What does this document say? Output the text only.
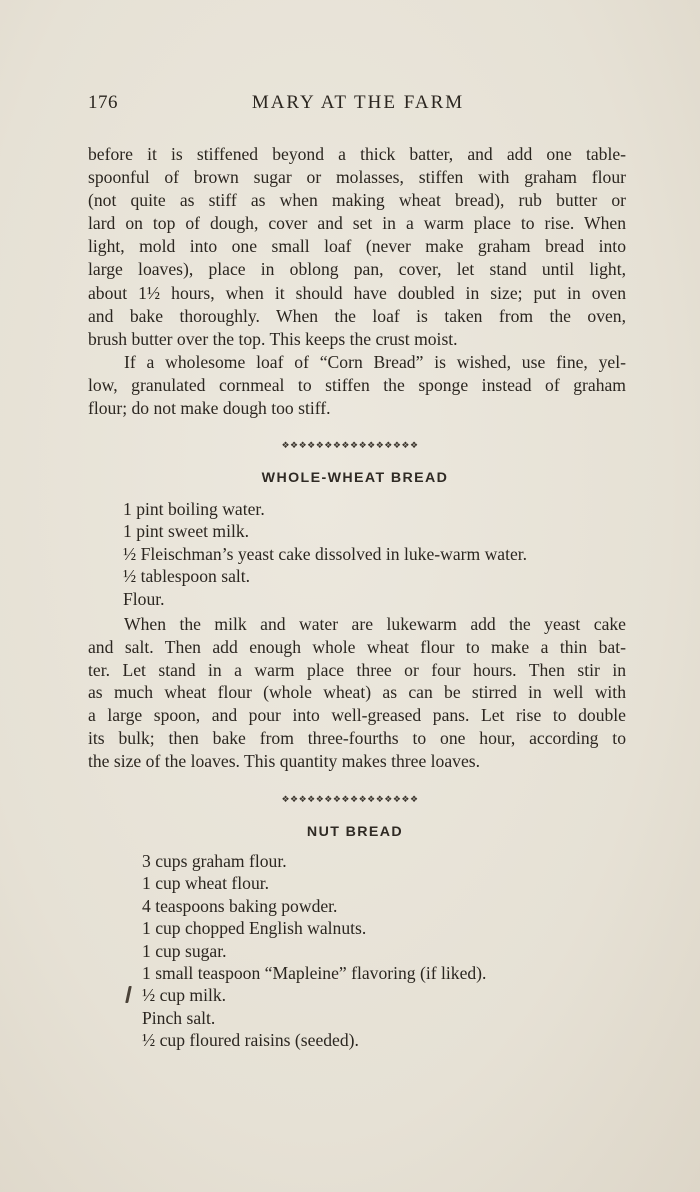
176	MARY AT THE FARM
before it is stiffened beyond a thick batter, and add one table-
spoonful of brown sugar or molasses, stiffen with graham flour
(not quite as stiff as when making wheat bread), rub butter or
lard on top of dough, cover and set in a warm place to rise. When
light, mold into one small loaf (never make graham bread into
large loaves), place in oblong pan, cover, let stand until light,
about 1½ hours, when it should have doubled in size; put in oven
and bake thoroughly. When the loaf is taken from the oven,
brush butter over the top. This keeps the crust moist.
If a wholesome loaf of “Corn Bread” is wished, use fine, yel-
low, granulated cornmeal to stiffen the sponge instead of graham
flour; do not make dough too stiff.
❖❖❖❖❖❖❖❖❖❖❖❖❖❖❖❖
WHOLE-WHEAT BREAD
1 pint boiling water.
1 pint sweet milk.
½ Fleischman’s yeast cake dissolved in luke-warm water.
½ tablespoon salt.
Flour.
When the milk and water are lukewarm add the yeast cake
and salt. Then add enough whole wheat flour to make a thin bat-
ter. Let stand in a warm place three or four hours. Then stir in
as much wheat flour (whole wheat) as can be stirred in well with
a large spoon, and pour into well-greased pans. Let rise to double
its bulk; then bake from three-fourths to one hour, according to
the size of the loaves. This quantity makes three loaves.
❖❖❖❖❖❖❖❖❖❖❖❖❖❖❖❖
NUT BREAD
3 cups graham flour.
1 cup wheat flour.
4 teaspoons baking powder.
1 cup chopped English walnuts.
1 cup sugar.
1 small teaspoon “Mapleine” flavoring (if liked).
½ cup milk.
Pinch salt.
½ cup floured raisins (seeded).
